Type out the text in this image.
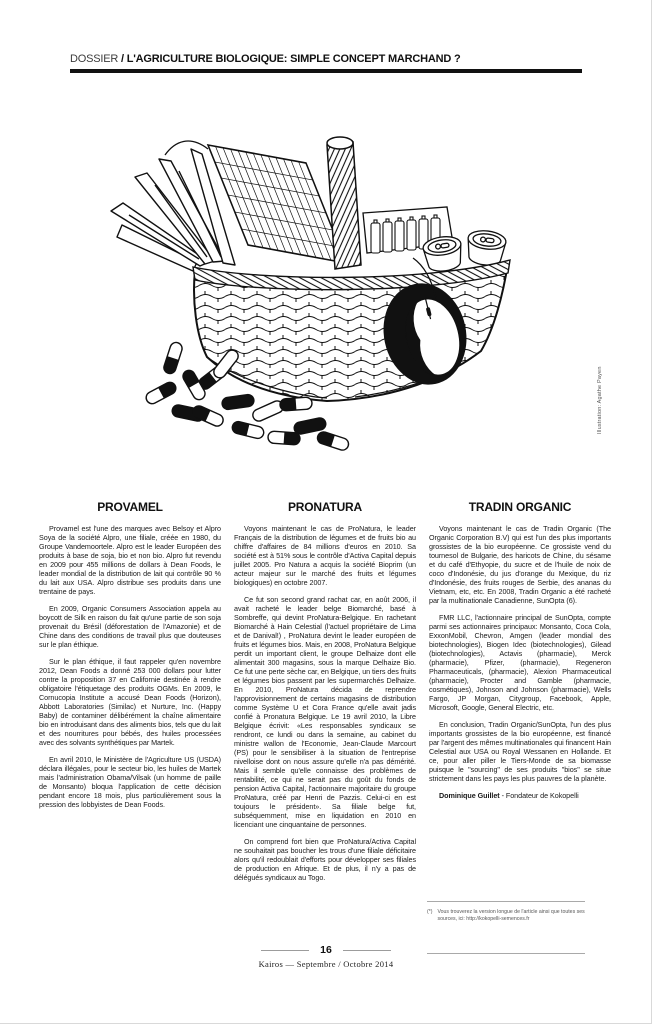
DOSSIER / L'AGRICULTURE BIOLOGIQUE: SIMPLE CONCEPT MARCHAND ?
Illustration: Agathe Payen
PROVAMEL

Provamel est l'une des marques avec Belsoy et Alpro Soya de la société Alpro, une filiale, créée en 1980, du Groupe Vandemoortele. Alpro est le leader Européen des produits à base de soja, bio et non bio. Alpro fut revendu en 2009 pour 455 millions de dollars à Dean Foods, le leader mondial de la distribution de lait qui contrôle 90 % du lait aux USA. Alpro distribue ses produits dans une trentaine de pays.

En 2009, Organic Consumers Association appela au boycott de Silk en raison du fait qu'une partie de son soja provenait du Brésil (déforestation de l'Amazonie) et de Chine dans des conditions de travail plus que douteuses sur le plan éthique.

Sur le plan éthique, il faut rappeler qu'en novembre 2012, Dean Foods a donné 253 000 dollars pour lutter contre la proposition 37 en Californie destinée à rendre obligatoire l'étiquetage des produits OGMs. En 2009, le Cornucopia Institute a accusé Dean Foods (Horizon), Abbott Laboratories (Similac) et Nurture, Inc. (Happy Baby) de contaminer délibérément la chaîne alimentaire bio en introduisant dans des aliments bios, tels que du lait et des nourritures pour bébés, des huiles processées avec des solvants synthétiques par Martek.

En avril 2010, le Ministère de l'Agriculture US (USDA) déclara illégales, pour le secteur bio, les huiles de Martek mais l'administration Obama/Vilsak (un homme de paille de Monsanto) bloqua l'application de cette décision pendant encore 18 mois, plus particulièrement sous la pression des lobbyistes de Dean Foods.

PRONATURA

Voyons maintenant le cas de ProNatura, le leader Français de la distribution de légumes et de fruits bio au chiffre d'affaires de 84 millions d'euros en 2010. Sa société est à 51% sous le contrôle d'Activa Capital depuis juillet 2005. Pro Natura a acquis la société Bioprim (un acteur majeur sur le marché des fruits et légumes biologiques) en octobre 2007.

Ce fut son second grand rachat car, en août 2006, il avait racheté le leader belge Biomarché, basé à Sombreffe, qui devint ProNatura-Belgique. En rachetant Biomarché à Hain Celestial (l'actuel propriétaire de Lima et de Danival!) , ProNatura devint le leader européen de fruits et légumes bios. Mais, en 2008, ProNatura Belgique perdit un important client, le groupe Delhaize dont elle alimentait 300 magasins, sous la marque Delhaize Bio. Ce fut une perte sèche car, en Belgique, un tiers des fruits et légumes bios passent par les supermarchés Delhaize. En 2010, ProNatura décida de reprendre l'approvisionnement de certains magasins de distribution comme Système U et Cora France qu'elle avait jadis confié à Pronatura Belgique. Le 19 avril 2010, la Libre Belgique écrivit: «Les responsables syndicaux se rendront, ce lundi ou dans la semaine, au cabinet du ministre wallon de l'Economie, Jean-Claude Marcourt (PS) pour le sensibiliser à la situation de l'entreprise nivelloise dont on nous assure qu'elle n'a pas démérité. Mais il semble qu'elle connaisse des problèmes de rentabilité, ce qui ne serait pas du goût du fonds de pension Activa Capital, l'actionnaire majoritaire du groupe ProNatura, créé par Henri de Pazzis. Celui-ci en est toujours le président». Sa filiale belge fut, subséquemment, mise en liquidation en 2010 en licenciant une cinquantaine de personnes.

On comprend fort bien que ProNatura/Activa Capital ne souhaitait pas boucher les trous d'une filiale déficitaire alors qu'il redoublait d'efforts pour développer ses filiales de production en Afrique. Et de plus, il n'y a pas de délégués syndicaux au Togo.

TRADIN ORGANIC

Voyons maintenant le cas de Tradin Organic (The Organic Corporation B.V) qui est l'un des plus importants grossistes de la bio européenne. Ce grossiste vend du tournesol de Bulgarie, des haricots de Chine, du sésame et du café d'Ethyopie, du sucre et de l'huile de noix de coco d'Indonésie, du jus d'orange du Mexique, du riz d'Indonésie, des fruits rouges de Serbie, des ananas du Vietnam, etc, etc. En 2008, Tradin Organic a été racheté par la multinationale Canadienne, SunOpta (6).

FMR LLC, l'actionnaire principal de SunOpta, compte parmi ses actionnaires principaux: Monsanto, Coca Cola, ExxonMobil, Chevron, Amgen (leader mondial des biotechnologies), Biogen Idec (biotechnologies), Gilead (biotechnologies), Actavis (pharmacie), Merck (pharmacie), Pfizer, (pharmacie), Regeneron Pharmaceuticals, (pharmacie), Alexion Pharmaceutical (pharmacie), Procter and Gamble (pharmacie, cosmétiques), Johnson and Johnson (pharmacie), Wells Fargo, JP Morgan, Citygroup, Facebook, Apple, Microsoft, Google, General Electric, etc.

En conclusion, Tradin Organic/SunOpta, l'un des plus importants grossistes de la bio européenne, est financé par l'argent des mêmes multinationales qui financent Hain Celestial aux USA ou Royal Wessanen en Hollande. Et ce, pour aller piller le Tiers-Monde de sa biomasse puisque le "sourcing" de ses produits "bios" se situe strictement dans les pays les plus pauvres de la planète.

Dominique Guillet - Fondateur de Kokopelli

(*) Vous trouverez la version longue de l'article ainsi que toutes ses sources, ici: http://kokopelli-semences.fr
16
Kairos — Septembre / Octobre 2014
